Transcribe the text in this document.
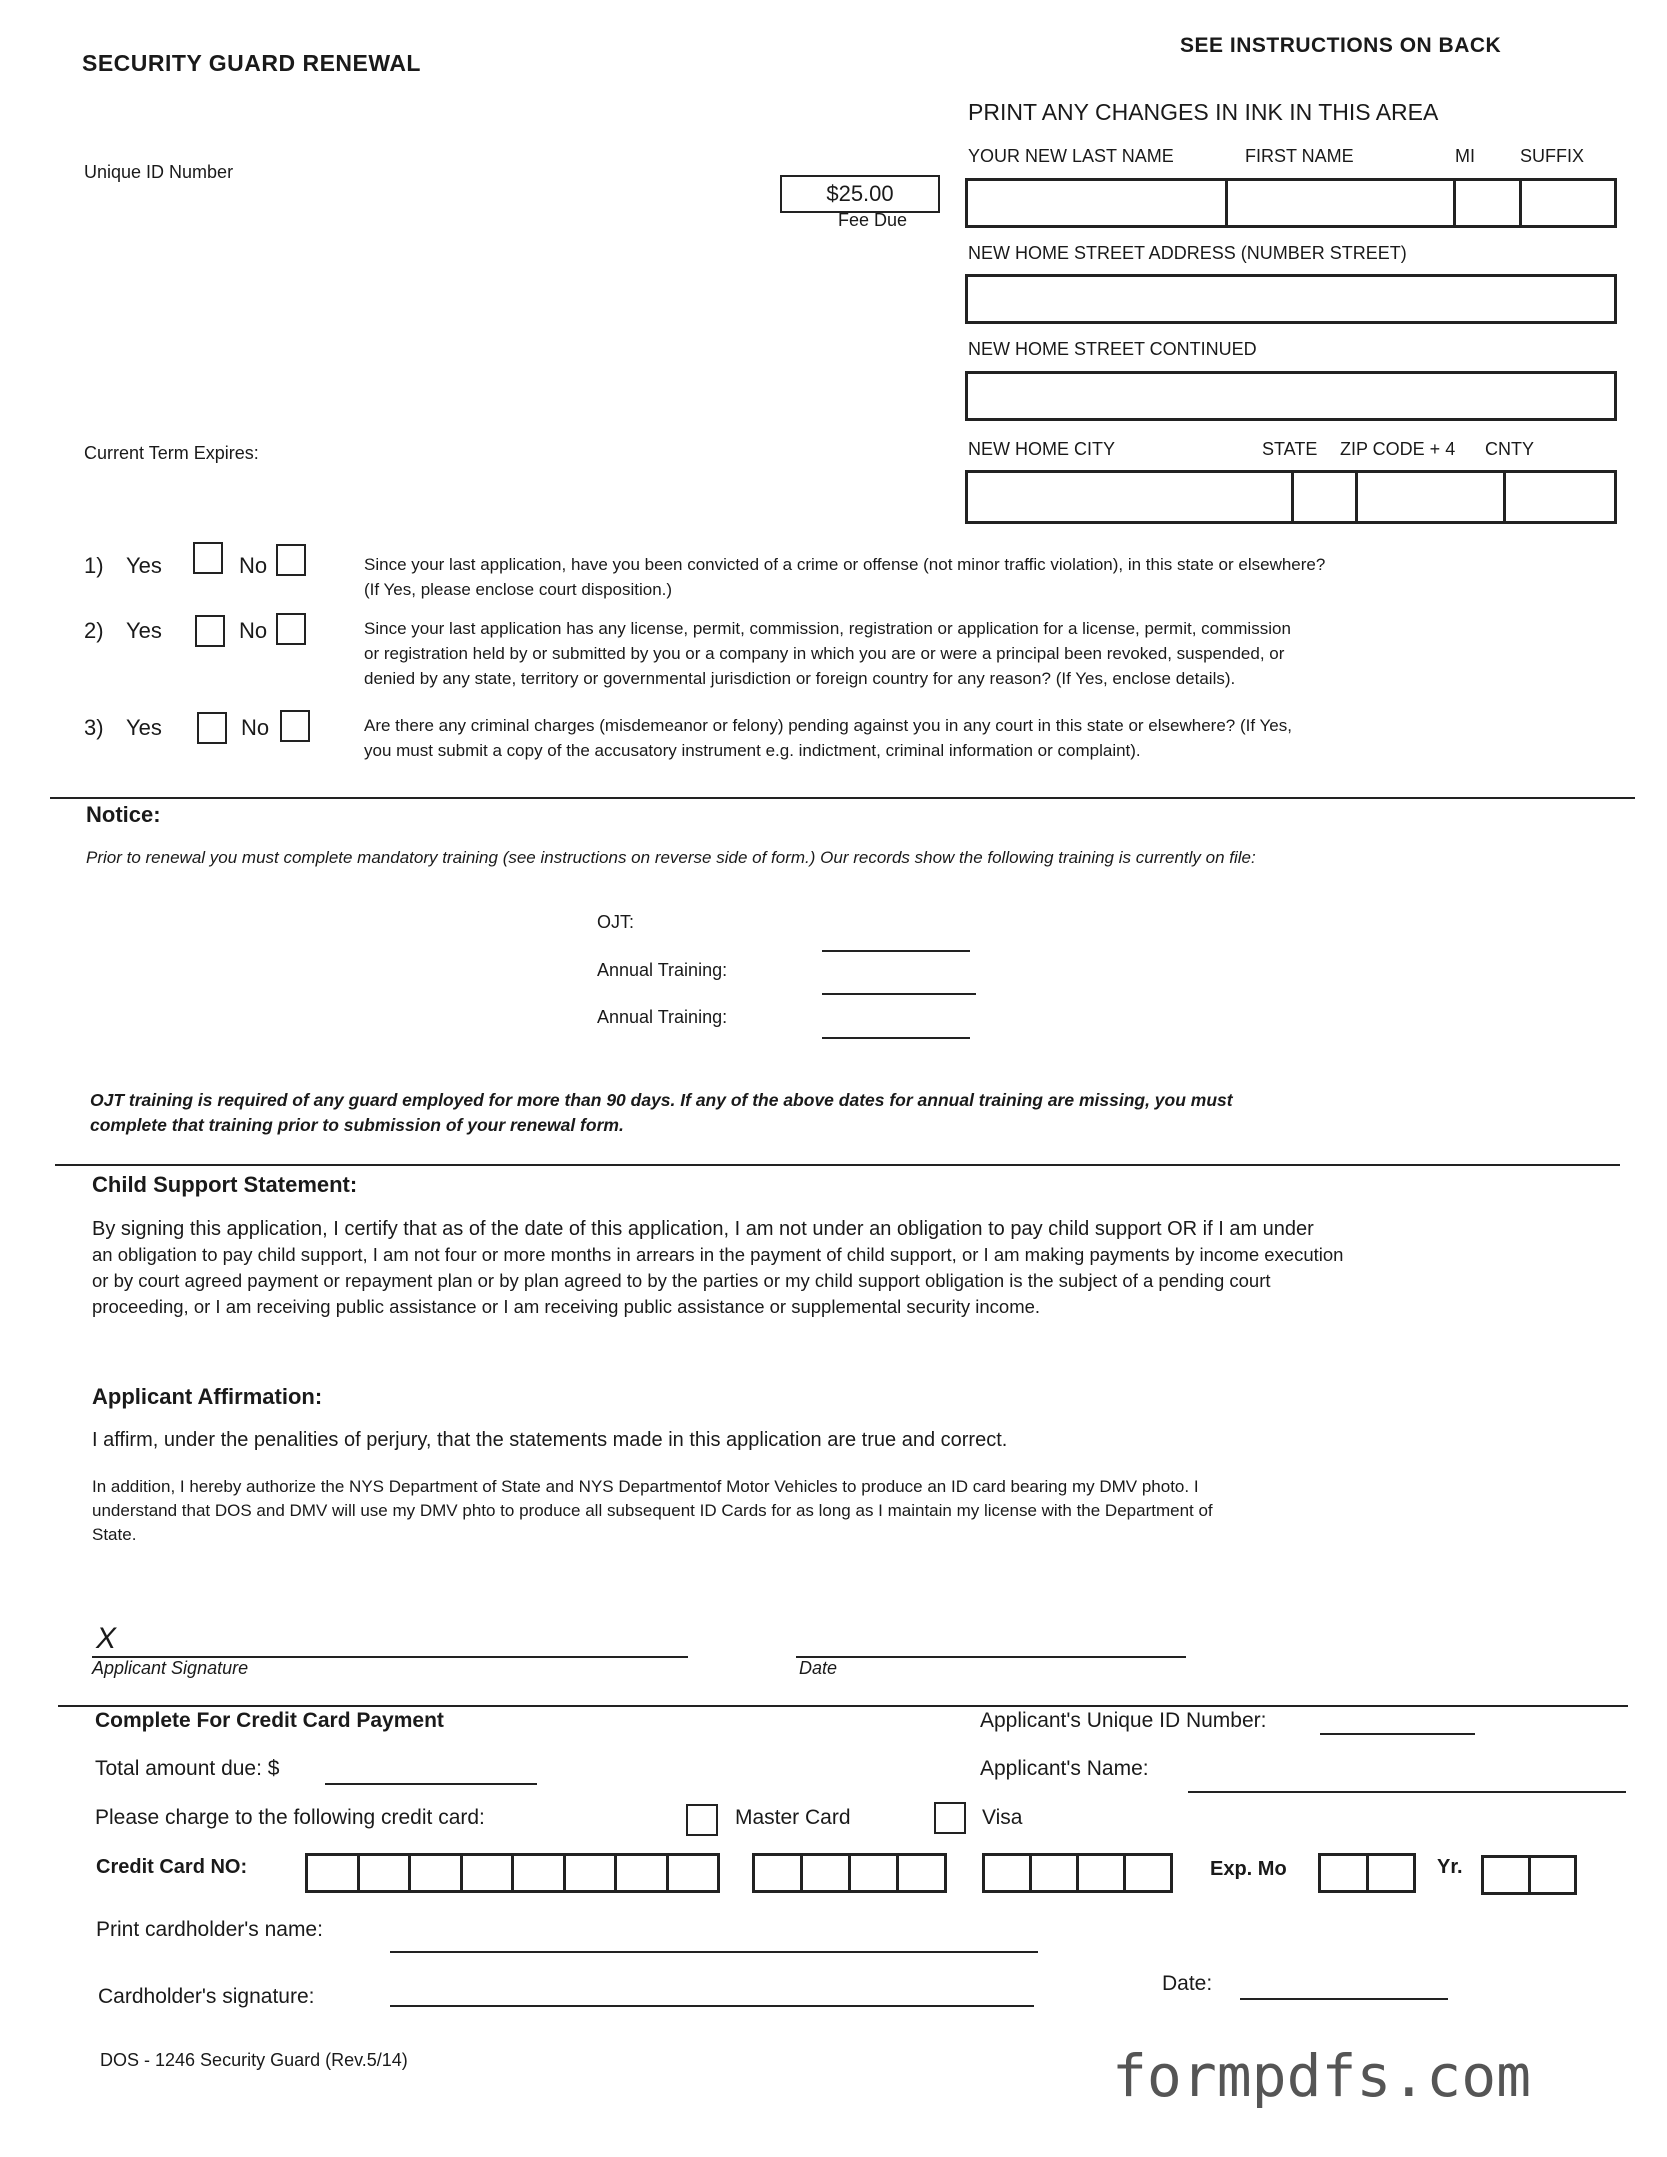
SECURITY GUARD RENEWAL
SEE INSTRUCTIONS ON BACK
PRINT ANY CHANGES IN INK IN THIS AREA
Unique ID Number
Current Term Expires:
$25.00
Fee Due
YOUR NEW LAST NAME	FIRST NAME	MI	SUFFIX
NEW HOME STREET ADDRESS (NUMBER STREET)
NEW HOME STREET CONTINUED
NEW HOME CITY	STATE ZIP CODE + 4 CNTY
1) Yes	No	Since your last application, have you been convicted of a crime or offense (not minor traffic violation), in this state or elsewhere?
(If Yes, please enclose court disposition.)
2) Yes	No	Since your last application has any license, permit, commission, registration or application for a license, permit, commission
or registration held by or submitted by you or a company in which you are or were a principal been revoked, suspended, or
denied by any state, territory or governmental jurisdiction or foreign country for any reason? (If Yes, enclose details).
3) Yes	No	Are there any criminal charges (misdemeanor or felony) pending against you in any court in this state or elsewhere? (If Yes,
you must submit a copy of the accusatory instrument e.g. indictment, criminal information or complaint).
Notice:
Prior to renewal you must complete mandatory training (see instructions on reverse side of form.) Our records show the following training is currently on file:
OJT:
Annual Training:
Annual Training:
OJT training is required of any guard employed for more than 90 days. If any of the above dates for annual training are missing, you must
complete that training prior to submission of your renewal form.
Child Support Statement:
By signing this application, I certify that as of the date of this application, I am not under an obligation to pay child support OR if I am under
an obligation to pay child support, I am not four or more months in arrears in the payment of child support, or I am making payments by income execution
or by court agreed payment or repayment plan or by plan agreed to by the parties or my child support obligation is the subject of a pending court
proceeding, or I am receiving public assistance or I am receiving public assistance or supplemental security income.
Applicant Affirmation:
I affirm, under the penalities of perjury, that the statements made in this application are true and correct.
In addition, I hereby authorize the NYS Department of State and NYS Departmentof Motor Vehicles to produce an ID card bearing my DMV photo. I
understand that DOS and DMV will use my DMV phto to produce all subsequent ID Cards for as long as I maintain my license with the Department of
State.
X
Applicant Signature	Date
Complete For Credit Card Payment	Applicant's Unique ID Number:
Total amount due: $	Applicant's Name:
Please charge to the following credit card:	Master Card	Visa
Credit Card NO:	Exp. Mo	Yr.
Print cardholder's name:
Cardholder's signature:
Date:
DOS - 1246 Security Guard (Rev.5/14)	formpdfs.com
